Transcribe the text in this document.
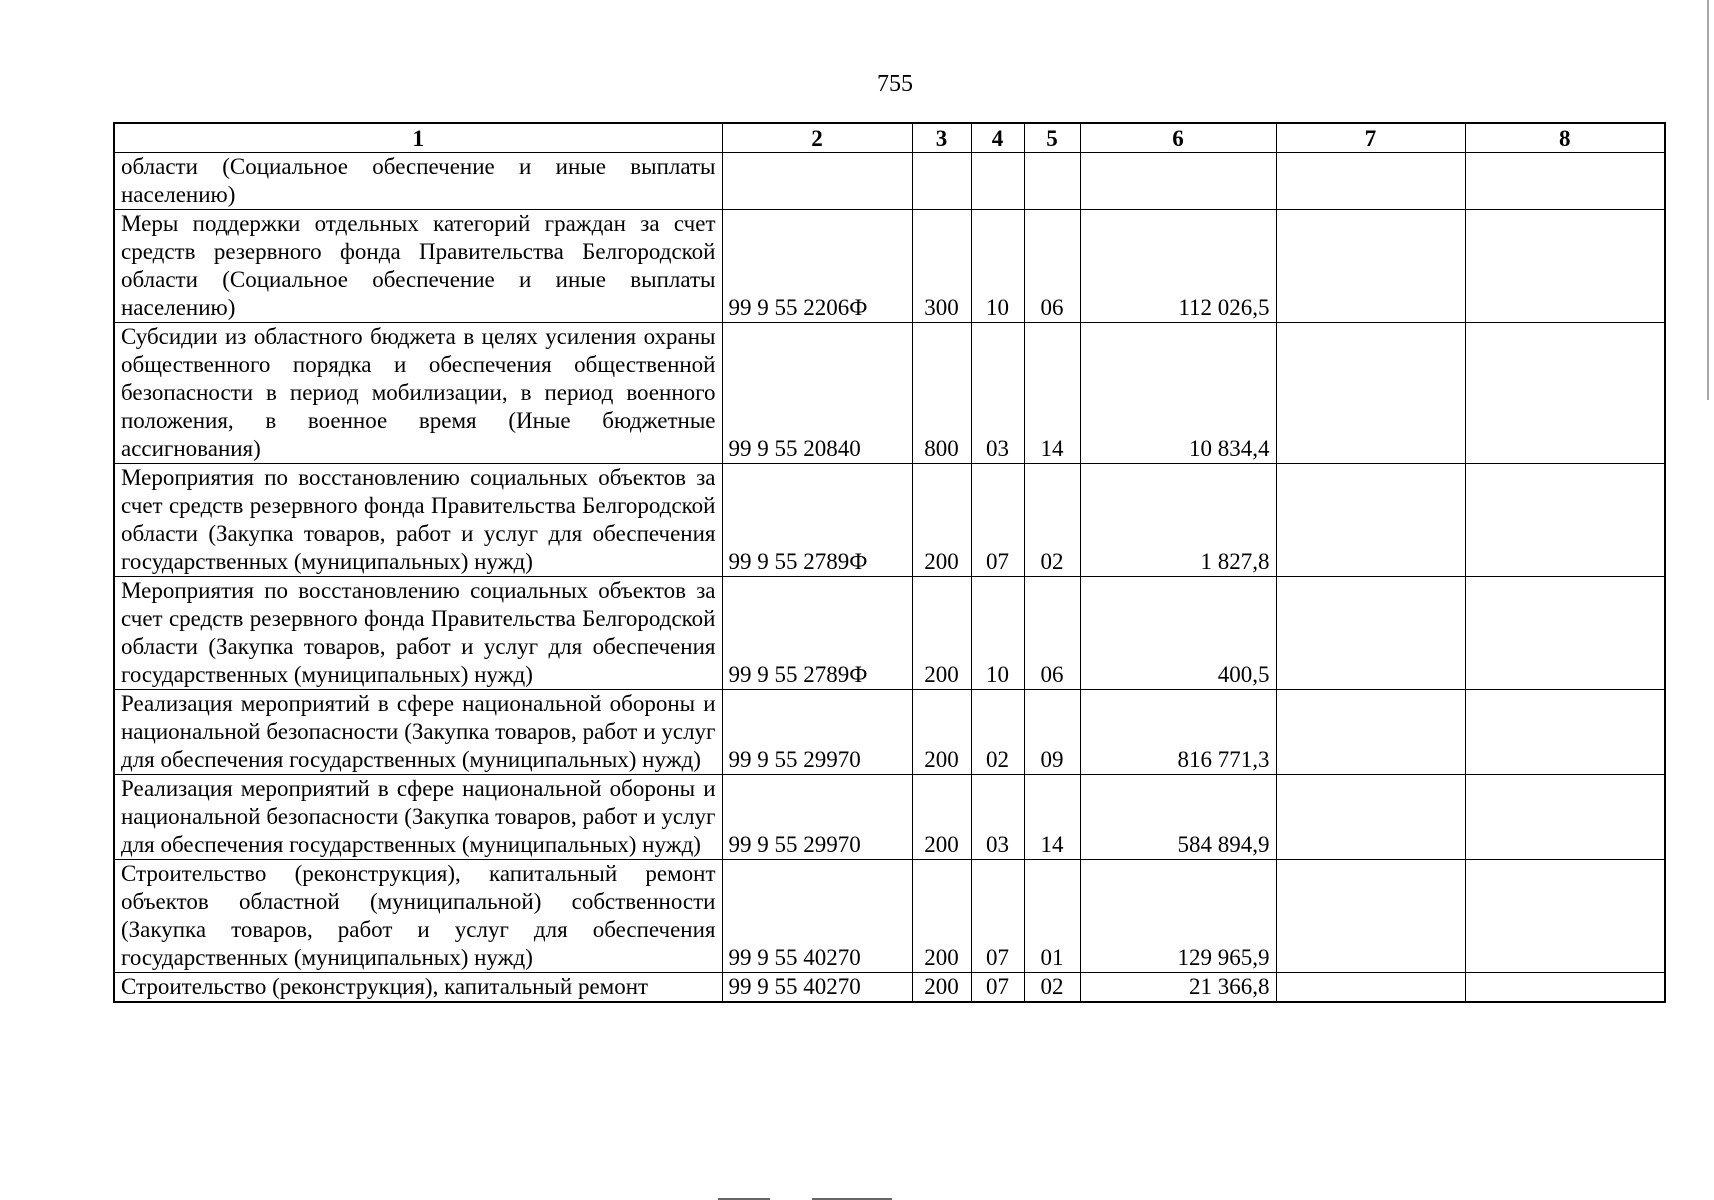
755
1	2	3	4	5	6	7	8
области (Социальное обеспечение и иные выплаты населению)							
Меры поддержки отдельных категорий граждан за счет средств резервного фонда Правительства Белгородской области (Социальное обеспечение и иные выплаты населению)	99 9 55 2206Ф	300	10	06	112 026,5		
Субсидии из областного бюджета в целях усиления охраны общественного порядка и обеспечения общественной безопасности в период мобилизации, в период военного положения, в военное время (Иные бюджетные ассигнования)	99 9 55 20840	800	03	14	10 834,4		
Мероприятия по восстановлению социальных объектов за счет средств резервного фонда Правительства Белгородской области (Закупка товаров, работ и услуг для обеспечения государственных (муниципальных) нужд)	99 9 55 2789Ф	200	07	02	1 827,8		
Мероприятия по восстановлению социальных объектов за счет средств резервного фонда Правительства Белгородской области (Закупка товаров, работ и услуг для обеспечения государственных (муниципальных) нужд)	99 9 55 2789Ф	200	10	06	400,5		
Реализация мероприятий в сфере национальной обороны и национальной безопасности (Закупка товаров, работ и услуг для обеспечения государственных (муниципальных) нужд)	99 9 55 29970	200	02	09	816 771,3		
Реализация мероприятий в сфере национальной обороны и национальной безопасности (Закупка товаров, работ и услуг для обеспечения государственных (муниципальных) нужд)	99 9 55 29970	200	03	14	584 894,9		
Строительство (реконструкция), капитальный ремонт объектов областной (муниципальной) собственности (Закупка товаров, работ и услуг для обеспечения государственных (муниципальных) нужд)	99 9 55 40270	200	07	01	129 965,9		
Строительство (реконструкция), капитальный ремонт	99 9 55 40270	200	07	02	21 366,8		
